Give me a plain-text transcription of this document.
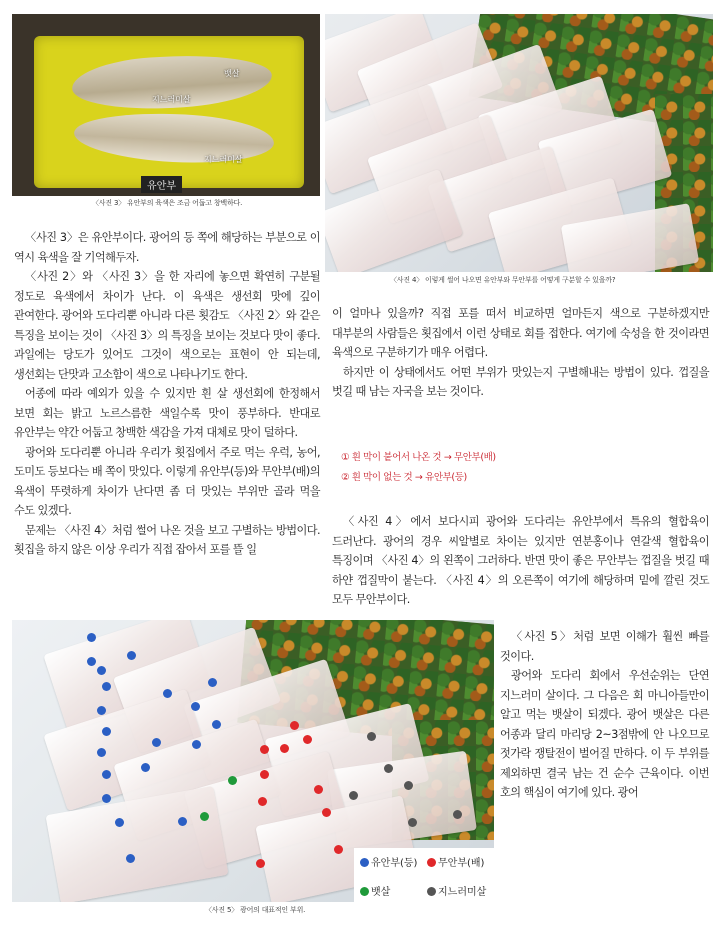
뱃살
지느러미살
지느러미살
유안부
〈사진 3〉 유안부의 육색은 조금 어둡고 창백하다.
〈사진 4〉 이렇게 썰어 나오면 유안부와 무안부를 어떻게 구분할 수 있을까?

〈사진 3〉은 유안부이다. 광어의 등 쪽에 해당하는 부분으로 이 역시 육색을 잘 기억해두자.

〈사진 2〉와 〈사진 3〉을 한 자리에 놓으면 확연히 구분될 정도로 육색에서 차이가 난다. 이 육색은 생선회 맛에 깊이 관여한다. 광어와 도다리뿐 아니라 다른 횟감도 〈사진 2〉와 같은 특징을 보이는 것이 〈사진 3〉의 특징을 보이는 것보다 맛이 좋다. 과일에는 당도가 있어도 그것이 색으로는 표현이 안 되는데, 생선회는 단맛과 고소함이 색으로 나타나기도 한다.

어종에 따라 예외가 있을 수 있지만 흰 살 생선회에 한정해서 보면 회는 밝고 노르스름한 색일수록 맛이 풍부하다. 반대로 유안부는 약간 어둡고 창백한 색감을 가져 대체로 맛이 덜하다.

광어와 도다리뿐 아니라 우리가 횟집에서 주로 먹는 우럭, 농어, 도미도 등보다는 배 쪽이 맛있다. 이렇게 유안부(등)와 무안부(배)의 육색이 뚜렷하게 차이가 난다면 좀 더 맛있는 부위만 골라 먹을 수도 있겠다.

문제는 〈사진 4〉처럼 썰어 나온 것을 보고 구별하는 방법이다. 횟집을 하지 않은 이상 우리가 직접 잡아서 포를 뜰 일

이 얼마나 있을까? 직접 포를 떠서 비교하면 얼마든지 색으로 구분하겠지만 대부분의 사람들은 횟집에서 이런 상태로 회를 접한다. 여기에 숙성을 한 것이라면 육색으로 구분하기가 매우 어렵다.

하지만 이 상태에서도 어떤 부위가 맛있는지 구별해내는 방법이 있다. 껍질을 벗길 때 남는 자국을 보는 것이다.

① 흰 막이 붙어서 나온 것 → 무안부(배)
② 흰 막이 없는 것 → 유안부(등)

〈사진 4〉에서 보다시피 광어와 도다리는 유안부에서 특유의 혈합육이 드러난다. 광어의 경우 씨알별로 차이는 있지만 연분홍이나 연갈색 혈합육이 특징이며 〈사진 4〉의 왼쪽이 그러하다. 반면 맛이 좋은 무안부는 껍질을 벗길 때 하얀 껍질막이 붙는다. 〈사진 4〉의 오른쪽이 여기에 해당하며 밑에 깔린 것도 모두 무안부이다.

유안부(등)	무안부(배)
뱃살	지느러미살
〈사진 5〉 광어의 대표적인 부위.

〈사진 5〉처럼 보면 이해가 훨씬 빠를 것이다.

광어와 도다리 회에서 우선순위는 단연 지느러미 살이다. 그 다음은 회 마니아들만이 알고 먹는 뱃살이 되겠다. 광어 뱃살은 다른 어종과 달리 마리당 2~3점밖에 안 나오므로 젓가락 쟁탈전이 벌어질 만하다. 이 두 부위를 제외하면 결국 남는 건 순수 근육이다. 이번 호의 핵심이 여기에 있다. 광어
